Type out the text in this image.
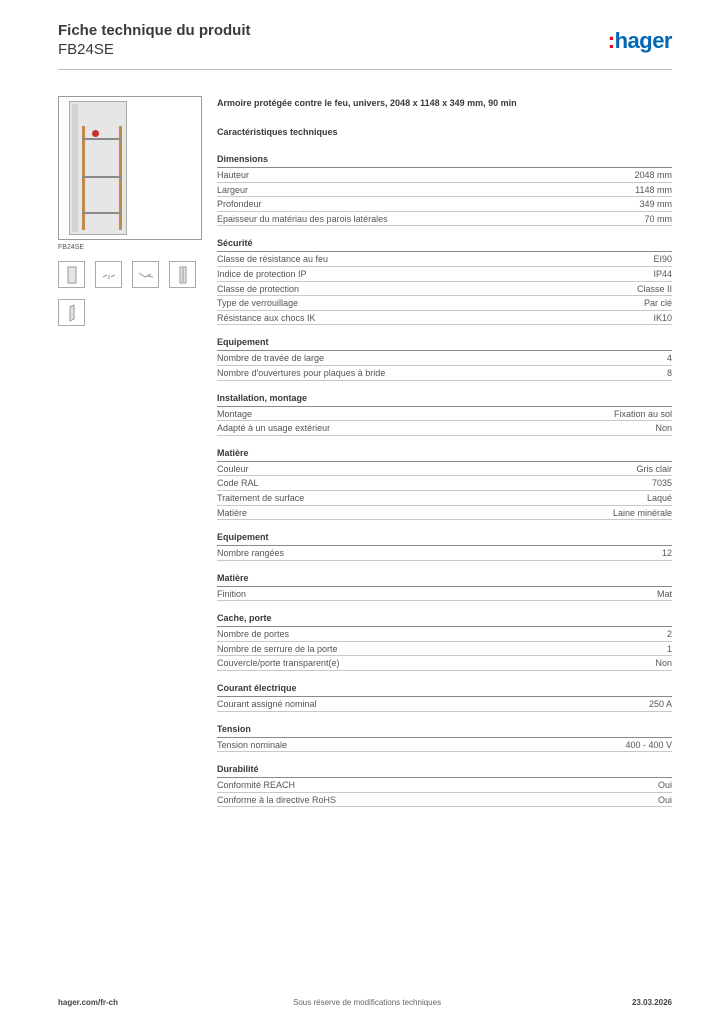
Fiche technique du produit
FB24SE	:hager
FB24SE
Armoire protégée contre le feu, univers, 2048 x 1148 x 349 mm, 90 min
Caractéristiques techniques
Dimensions
Hauteur	2048 mm
Largeur	1148 mm
Profondeur	349 mm
Epaisseur du matériau des parois latérales	70 mm
Sécurité
Classe de résistance au feu	EI90
Indice de protection IP	IP44
Classe de protection	Classe II
Type de verrouillage	Par clé
Résistance aux chocs IK	IK10
Equipement
Nombre de travée de large	4
Nombre d'ouvertures pour plaques à bride	8
Installation, montage
Montage	Fixation au sol
Adapté à un usage extérieur	Non
Matière
Couleur	Gris clair
Code RAL	7035
Traitement de surface	Laqué
Matière	Laine minérale
Equipement
Nombre rangées	12
Matière
Finition	Mat
Cache, porte
Nombre de portes	2
Nombre de serrure de la porte	1
Couvercle/porte transparent(e)	Non
Courant électrique
Courant assigné nominal	250 A
Tension
Tension nominale	400 - 400 V
Durabilité
Conformité REACH	Oui
Conforme à la directive RoHS	Oui
hager.com/fr-ch	Sous réserve de modifications techniques	23.03.2026
